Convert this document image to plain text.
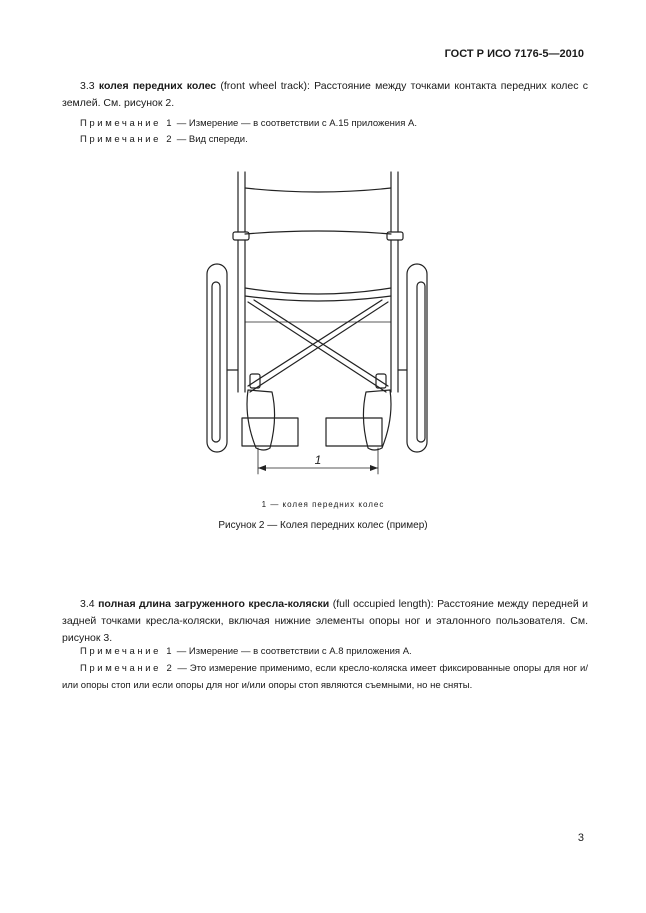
ГОСТ Р ИСО 7176-5—2010
3.3 колея передних колес (front wheel track): Расстояние между точками контакта передних колес с землей. См. рисунок 2.
Примечание 1 — Измерение — в соответствии с А.15 приложения А.
Примечание 2 — Вид спереди.
1
1 — колея передних колес
Рисунок 2 — Колея передних колес (пример)
3.4 полная длина загруженного кресла-коляски (full occupied length): Расстояние между передней и задней точками кресла-коляски, включая нижние элементы опоры ног и эталонного пользователя. См. рисунок 3.
Примечание 1 — Измерение — в соответствии с А.8 приложения А.
Примечание 2 — Это измерение применимо, если кресло-коляска имеет фиксированные опоры для ног и/или опоры стоп или если опоры для ног и/или опоры стоп являются съемными, но не сняты.
3
